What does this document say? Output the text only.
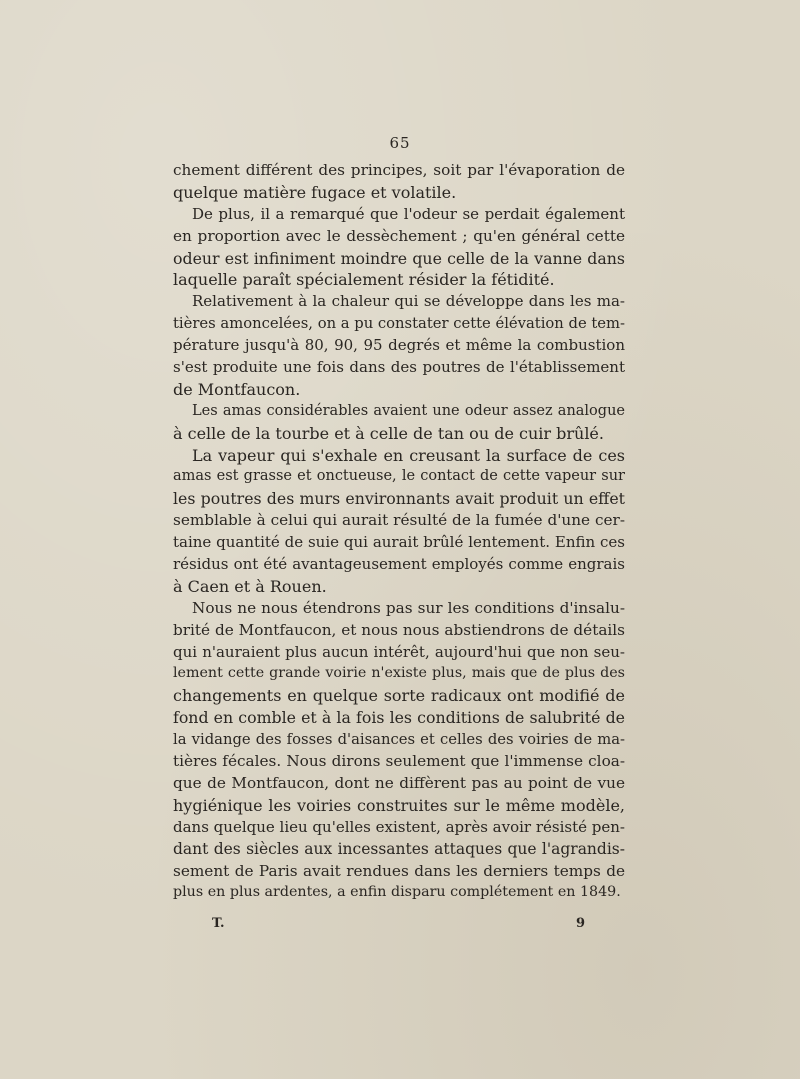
65

chement différent des principes, soit par l'évaporation de
quelque matière fugace et volatile.

De plus, il a remarqué que l'odeur se perdait également
en proportion avec le dessèchement ; qu'en général cette
odeur est infiniment moindre que celle de la vanne dans
laquelle paraît spécialement résider la fétidité.

Relativement à la chaleur qui se développe dans les ma-
tières amoncelées, on a pu constater cette élévation de tem-
pérature jusqu'à 80, 90, 95 degrés et même la combustion
s'est produite une fois dans des poutres de l'établissement
de Montfaucon.

Les amas considérables avaient une odeur assez analogue
à celle de la tourbe et à celle de tan ou de cuir brûlé.

La vapeur qui s'exhale en creusant la surface de ces
amas est grasse et onctueuse, le contact de cette vapeur sur
les poutres des murs environnants avait produit un effet
semblable à celui qui aurait résulté de la fumée d'une cer-
taine quantité de suie qui aurait brûlé lentement. Enfin ces
résidus ont été avantageusement employés comme engrais
à Caen et à Rouen.

Nous ne nous étendrons pas sur les conditions d'insalu-
brité de Montfaucon, et nous nous abstiendrons de détails
qui n'auraient plus aucun intérêt, aujourd'hui que non seu-
lement cette grande voirie n'existe plus, mais que de plus des
changements en quelque sorte radicaux ont modifié de
fond en comble et à la fois les conditions de salubrité de
la vidange des fosses d'aisances et celles des voiries de ma-
tières fécales. Nous dirons seulement que l'immense cloa-
que de Montfaucon, dont ne diffèrent pas au point de vue
hygiénique les voiries construites sur le même modèle,
dans quelque lieu qu'elles existent, après avoir résisté pen-
dant des siècles aux incessantes attaques que l'agrandis-
sement de Paris avait rendues dans les derniers temps de
plus en plus ardentes, a enfin disparu complétement en 1849.

T.	9
